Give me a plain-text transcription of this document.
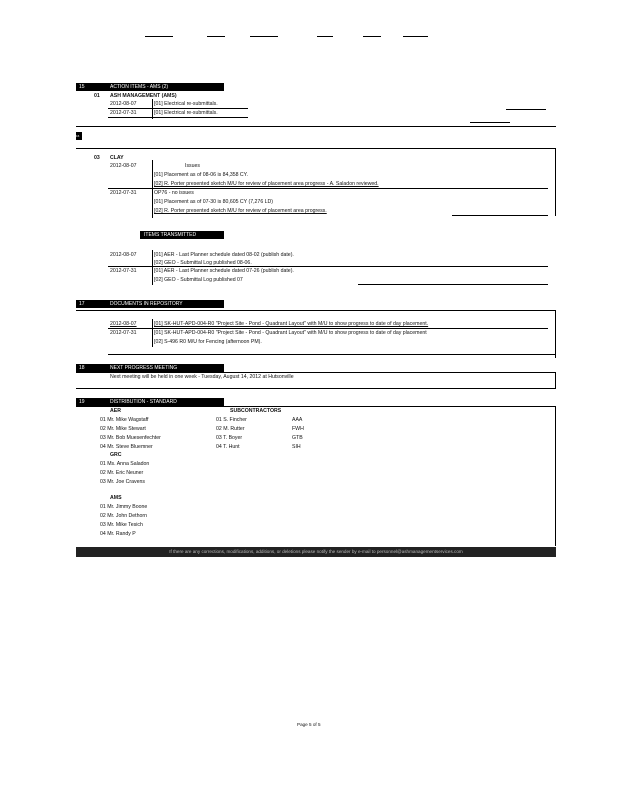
15	ACTION ITEMS - AMS (2)
01 ASH MANAGEMENT (AMS)
2012-08-07	[01] Electrical re-submittals.
2012-07-31	[01] Electrical re-submittals.
16
03 CLAY
2012-08-07	Issues
[01] Placement as of 08-06 is 84,358 CY.
[02] R. Porter presented sketch M/U for review of placement area progress - A. Saladon reviewed.
2012-07-31	OP76 - no issues
[01] Placement as of 07-30 is 80,605 CY (7,276 LD)
[02] R. Porter presented sketch M/U for review of placement area progress.
ITEMS TRANSMITTED
2012-08-07	[01] AER - Last Planner schedule dated 08-02 (publish date).
[02] GEO - Submittal Log published 08-06.
2012-07-31	[01] AER - Last Planner schedule dated 07-26 (publish date).
[02] GEO - Submittal Log published 07
17	DOCUMENTS IN REPOSITORY
2012-08-07	[01] SK-HUT-APD-004-R0 "Project Site - Pond - Quadrant Layout" with M/U to show progress to date of day placement.
2012-07-31	[01] SK-HUT-APD-004-R0 "Project Site - Pond - Quadrant Layout" with M/U to show progress to date of day placement
[02] S-496 R0 M/U for Fencing (afternoon PM).
18	NEXT PROGRESS MEETING
Next meeting will be held in one week - Tuesday, August 14, 2012 at Hutsonville
19	DISTRIBUTION - STANDARD
AER
01 Mr. Mike Wagstaff
02 Mr. Mike Stewart
03 Mr. Bob Muesenfechter
04 Mr. Steve Bluemner
GRC
01 Ms. Anna Saladon
02 Mr. Eric Neuner
03 Mr. Joe Cravens
AMS
01 Mr. Jimmy Boone
02 Mr. John Dethorn
03 Mr. Mike Tesich
04 Mr. Randy P
SUBCONTRACTORS
01 S. Fincher	AAA
02 M. Rutter	FWH
03 T. Boyer	GTB
04 T. Hunt	SIH
If there are any corrections, modifications, additions, or deletions please notify the sender by e-mail to personnel@ashmanagementservices.com
Page 5 of 5
